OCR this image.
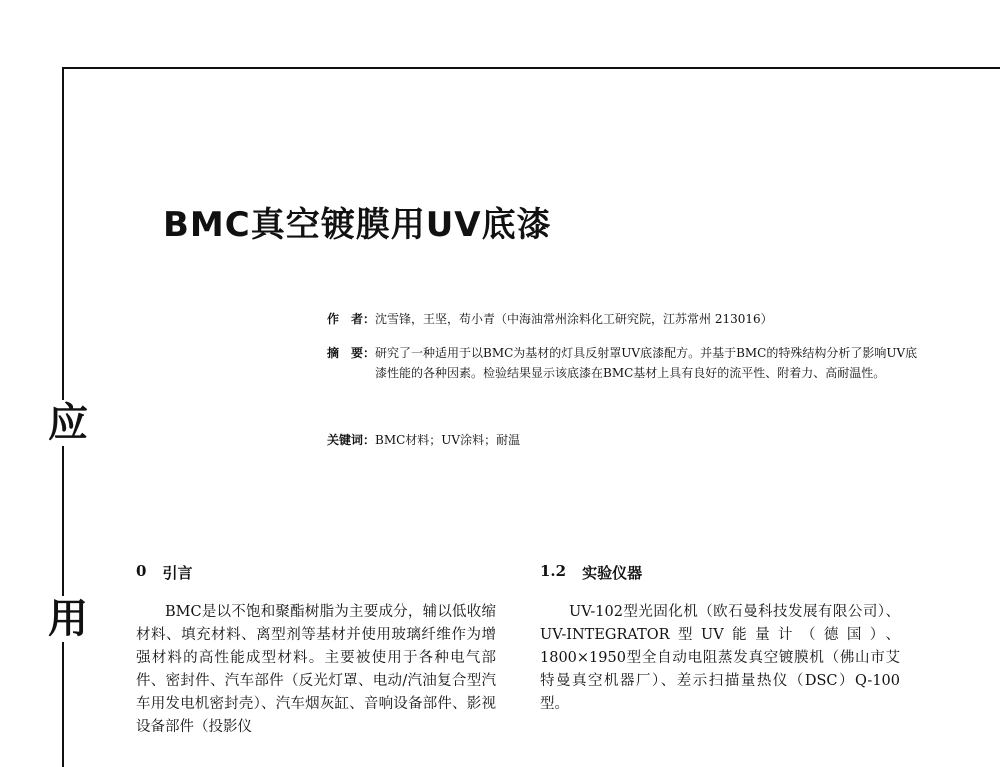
应
用
BMC真空镀膜用UV底漆
作　者： 沈雪锋，王坚，苟小青（中海油常州涂料化工研究院，江苏常州 213016）
摘　要： 研究了一种适用于以BMC为基材的灯具反射罩UV底漆配方。并基于BMC的特殊结构分析了影响UV底漆性能的各种因素。检验结果显示该底漆在BMC基材上具有良好的流平性、附着力、高耐温性。
关键词： BMC材料；UV涂料；耐温
0 引言

BMC是以不饱和聚酯树脂为主要成分，辅以低收缩材料、填充材料、离型剂等基材并使用玻璃纤维作为增强材料的高性能成型材料。主要被使用于各种电气部件、密封件、汽车部件（反光灯罩、电动/汽油复合型汽车用发电机密封壳）、汽车烟灰缸、音响设备部件、影视设备部件（投影仪

1.2 实验仪器

UV-102型光固化机（欧石曼科技发展有限公司）、UV-INTEGRATOR型UV能量计（德国）、1800×1950型全自动电阻蒸发真空镀膜机（佛山市艾特曼真空机器厂）、差示扫描量热仪（DSC）Q-100型。
